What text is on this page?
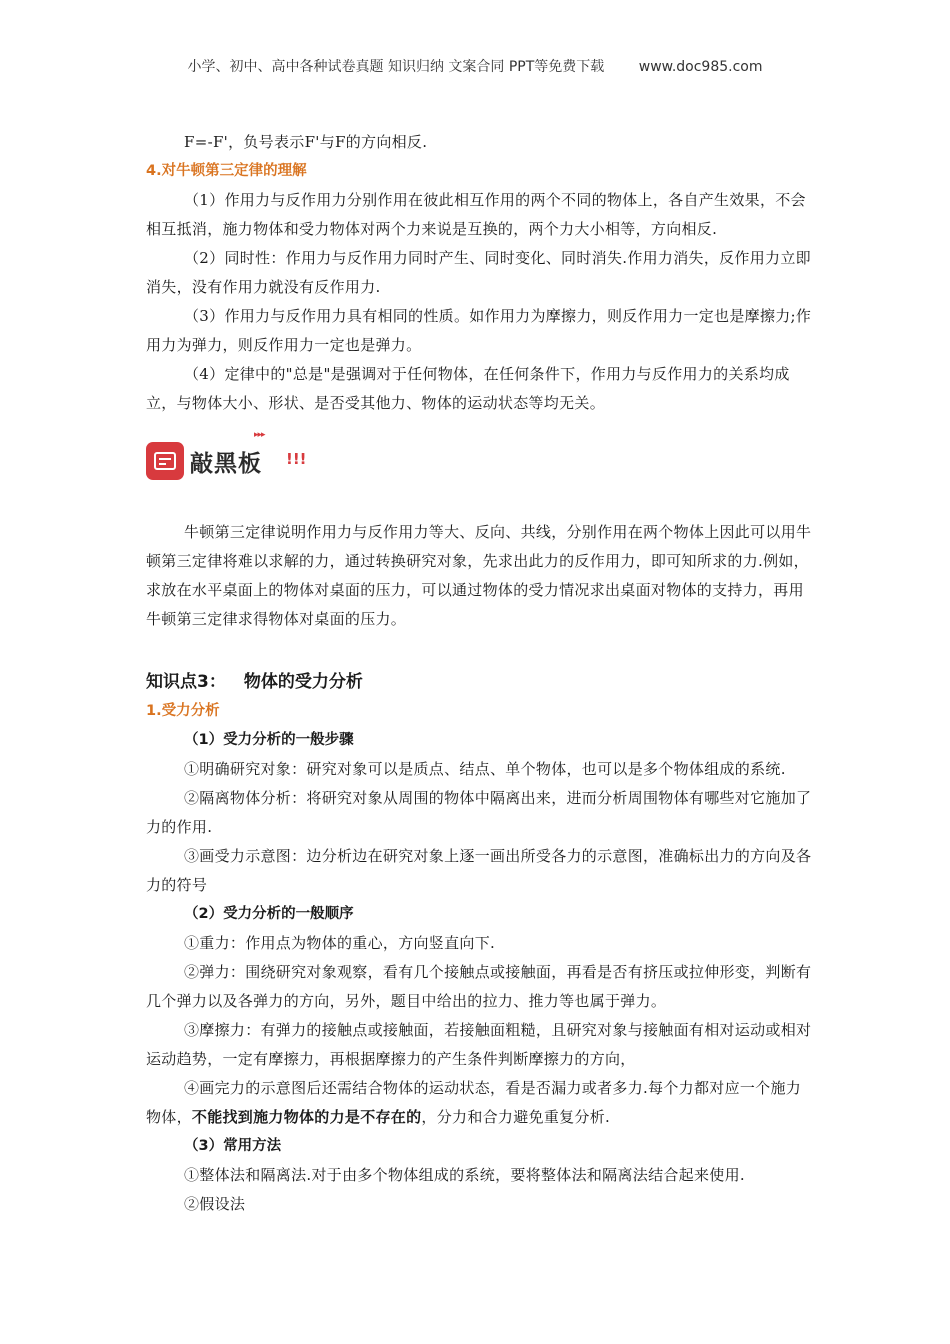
小学、初中、高中各种试卷真题 知识归纳 文案合同 PPT等免费下载 www.doc985.com

F=-F'，负号表示F'与F的方向相反.

4.对牛顿第三定律的理解

（1）作用力与反作用力分别作用在彼此相互作用的两个不同的物体上，各自产生效果，不会相互抵消，施力物体和受力物体对两个力来说是互换的，两个力大小相等，方向相反.

（2）同时性：作用力与反作用力同时产生、同时变化、同时消失.作用力消失，反作用力立即消失，没有作用力就没有反作用力.

（3）作用力与反作用力具有相同的性质。如作用力为摩擦力，则反作用力一定也是摩擦力;作用力为弹力，则反作用力一定也是弹力。

（4）定律中的"总是"是强调对于任何物体，在任何条件下，作用力与反作用力的关系均成立，与物体大小、形状、是否受其他力、物体的运动状态等均无关。

▸▸▸
敲黑板 !!!

牛顿第三定律说明作用力与反作用力等大、反向、共线，分别作用在两个物体上因此可以用牛顿第三定律将难以求解的力，通过转换研究对象，先求出此力的反作用力，即可知所求的力.例如，求放在水平桌面上的物体对桌面的压力，可以通过物体的受力情况求出桌面对物体的支持力，再用牛顿第三定律求得物体对桌面的压力。

知识点3： 物体的受力分析
1.受力分析
（1）受力分析的一般步骤

①明确研究对象：研究对象可以是质点、结点、单个物体，也可以是多个物体组成的系统.

②隔离物体分析：将研究对象从周围的物体中隔离出来，进而分析周围物体有哪些对它施加了力的作用.

③画受力示意图：边分析边在研究对象上逐一画出所受各力的示意图，准确标出力的方向及各力的符号

（2）受力分析的一般顺序

①重力：作用点为物体的重心，方向竖直向下.

②弹力：围绕研究对象观察，看有几个接触点或接触面，再看是否有挤压或拉伸形变，判断有几个弹力以及各弹力的方向，另外，题目中给出的拉力、推力等也属于弹力。

③摩擦力：有弹力的接触点或接触面，若接触面粗糙，且研究对象与接触面有相对运动或相对运动趋势，一定有摩擦力，再根据摩擦力的产生条件判断摩擦力的方向，

④画完力的示意图后还需结合物体的运动状态，看是否漏力或者多力.每个力都对应一个施力物体，不能找到施力物体的力是不存在的，分力和合力避免重复分析.

（3）常用方法

①整体法和隔离法.对于由多个物体组成的系统，要将整体法和隔离法结合起来使用.

②假设法
